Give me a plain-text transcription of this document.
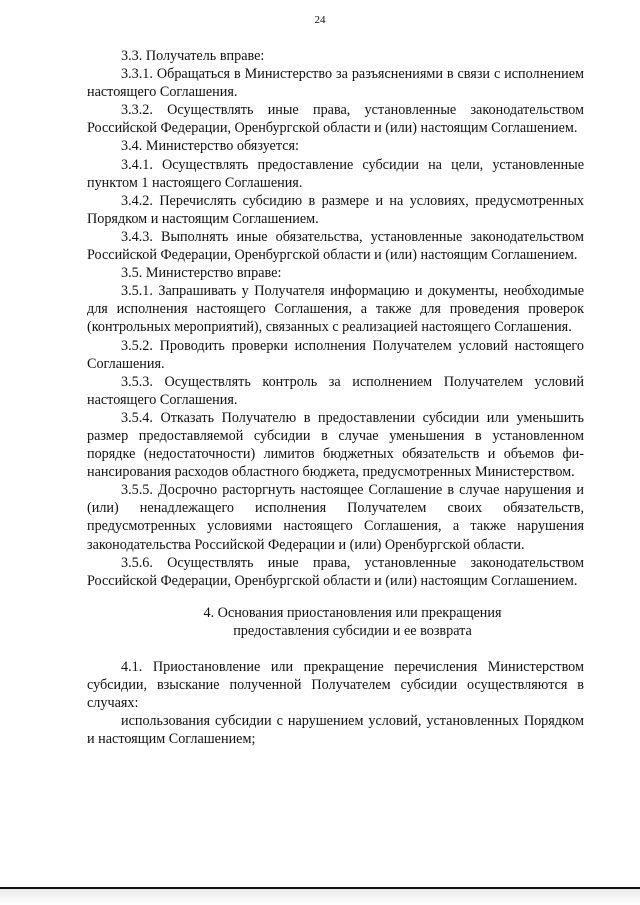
24

3.3. Получатель вправе:

3.3.1. Обращаться в Министерство за разъяснениями в связи с исполнением настоящего Соглашения.

3.3.2. Осуществлять иные права, установленные законодательством Российской Федерации, Оренбургской области и (или) настоящим Соглашением.

3.4. Министерство обязуется:

3.4.1. Осуществлять предоставление субсидии на цели, установленные пунктом 1 настоящего Соглашения.

3.4.2. Перечислять субсидию в размере и на условиях, предусмотренных Порядком и настоящим Соглашением.

3.4.3. Выполнять иные обязательства, установленные законодательством Российской Федерации, Оренбургской области и (или) настоящим Соглашением.

3.5. Министерство вправе:

3.5.1. Запрашивать у Получателя информацию и документы, необходимые для исполнения настоящего Соглашения, а также для проведения проверок (контрольных мероприятий), связанных с реализацией настоящего Соглашения.

3.5.2. Проводить проверки исполнения Получателем условий настоящего Соглашения.

3.5.3. Осуществлять контроль за исполнением Получателем условий настоящего Соглашения.

3.5.4. Отказать Получателю в предоставлении субсидии или уменьшить размер предоставляемой субсидии в случае уменьшения в установленном порядке (недостаточности) лимитов бюджетных обязательств и объемов финансирования расходов областного бюджета, предусмотренных Министерством.

3.5.5. Досрочно расторгнуть настоящее Соглашение в случае нарушения и (или) ненадлежащего исполнения Получателем своих обязательств, предусмотренных условиями настоящего Соглашения, а также нарушения законодательства Российской Федерации и (или) Оренбургской области.

3.5.6. Осуществлять иные права, установленные законодательством Российской Федерации, Оренбургской области и (или) настоящим Соглашением.

4. Основания приостановления или прекращения

предоставления субсидии и ее возврата

4.1. Приостановление или прекращение перечисления Министерством субсидии, взыскание полученной Получателем субсидии осуществляются в случаях:

использования субсидии с нарушением условий, установленных Порядком и настоящим Соглашением;
